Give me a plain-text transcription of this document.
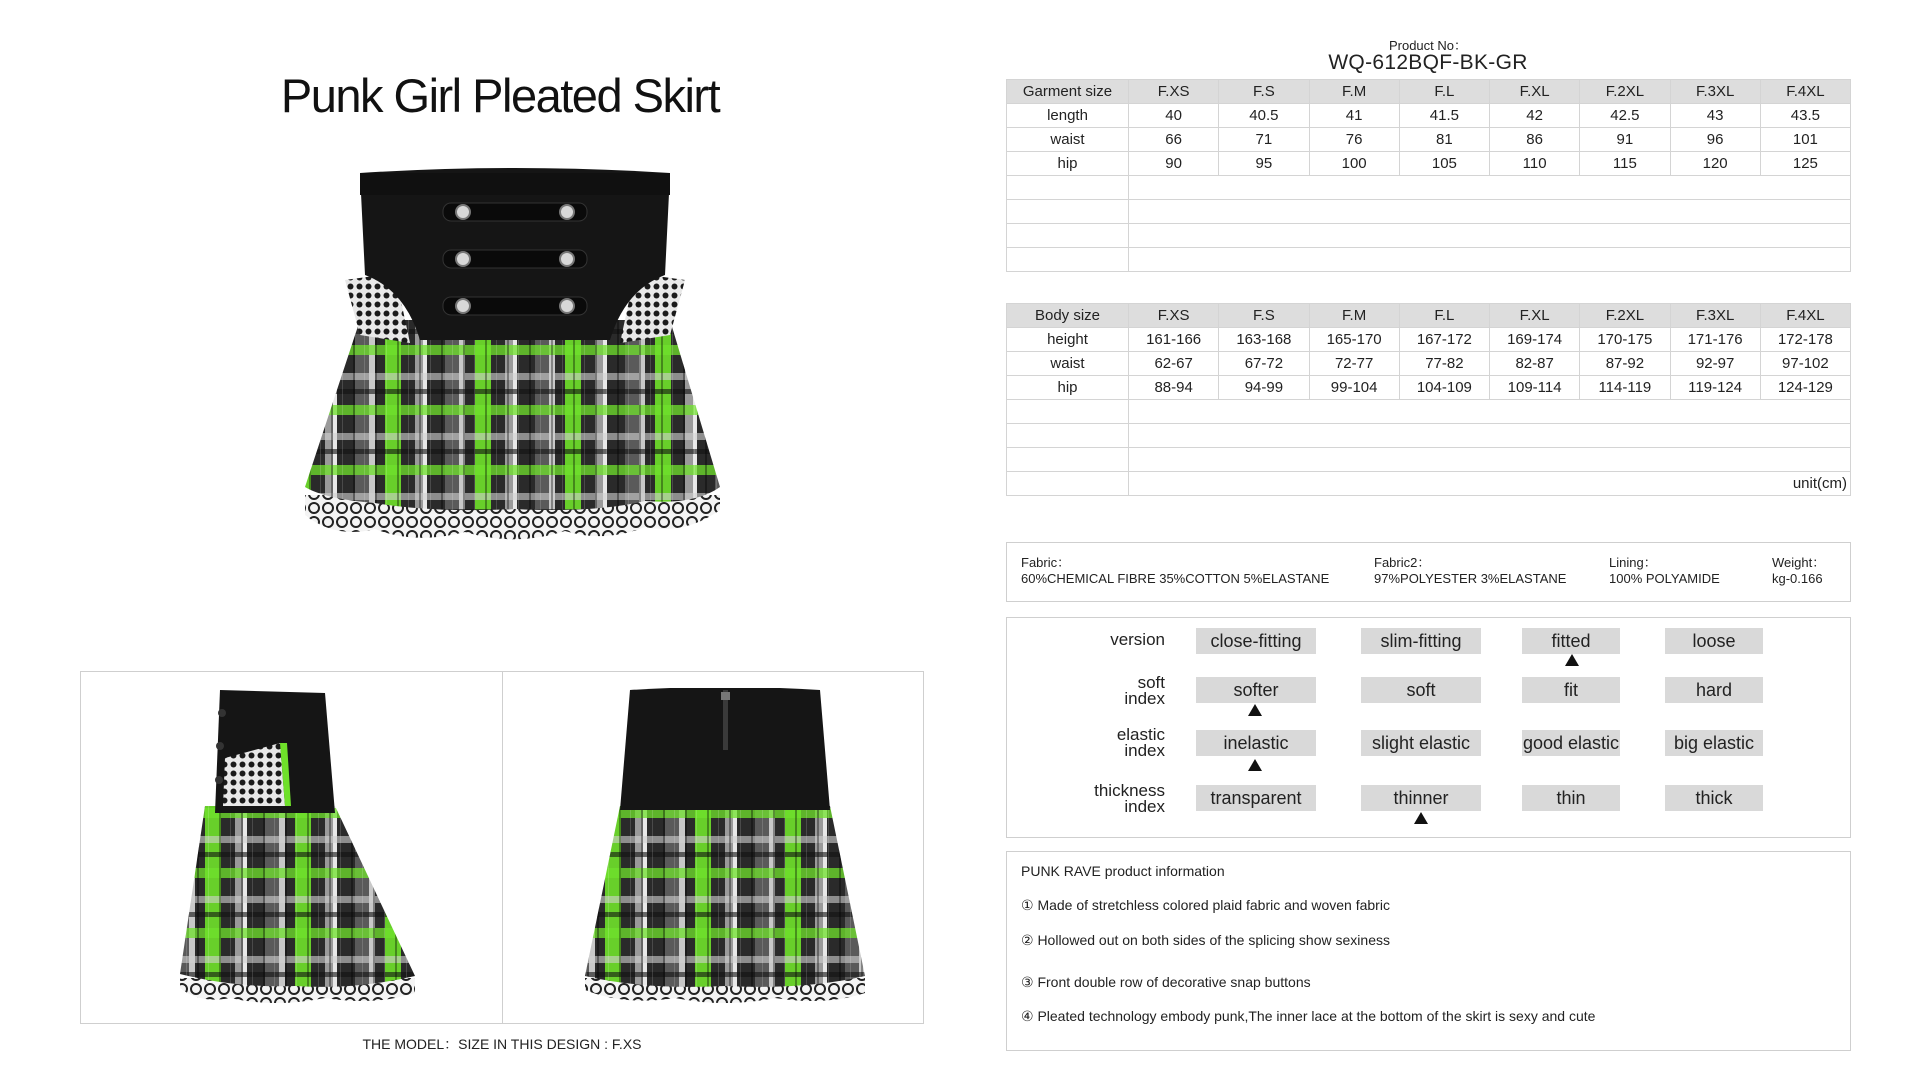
Punk Girl Pleated Skirt
THE MODEL：SIZE IN THIS DESIGN : F.XS
Product No：
WQ-612BQF-BK-GR
Garment size	F.XS	F.S	F.M	F.L	F.XL	F.2XL	F.3XL	F.4XL
length	40	40.5	41	41.5	42	42.5	43	43.5
waist	66	71	76	81	86	91	96	101
hip	90	95	100	105	110	115	120	125

Body size	F.XS	F.S	F.M	F.L	F.XL	F.2XL	F.3XL	F.4XL
height	161-166	163-168	165-170	167-172	169-174	170-175	171-176	172-178
waist	62-67	67-72	72-77	77-82	82-87	87-92	92-97	97-102
hip	88-94	94-99	99-104	104-109	109-114	114-119	119-124	124-129

	unit(cm)							
Fabric：
60%CHEMICAL FIBRE 35%COTTON 5%ELASTANE
Fabric2：
97%POLYESTER 3%ELASTANE
Lining：
100% POLYAMIDE
Weight：
kg-0.166
version	close-fitting	slim-fitting	fitted	loose
soft
index	softer	soft	fit	hard
elastic
index	inelastic	slight elastic	good elastic	big elastic
thickness
index	transparent	thinner	thin	thick
PUNK RAVE product information
① Made of stretchless colored plaid fabric and woven fabric
② Hollowed out on both sides of the splicing show sexiness
③ Front double row of decorative snap buttons
④ Pleated technology embody punk,The inner lace at the bottom of the skirt is sexy and cute
